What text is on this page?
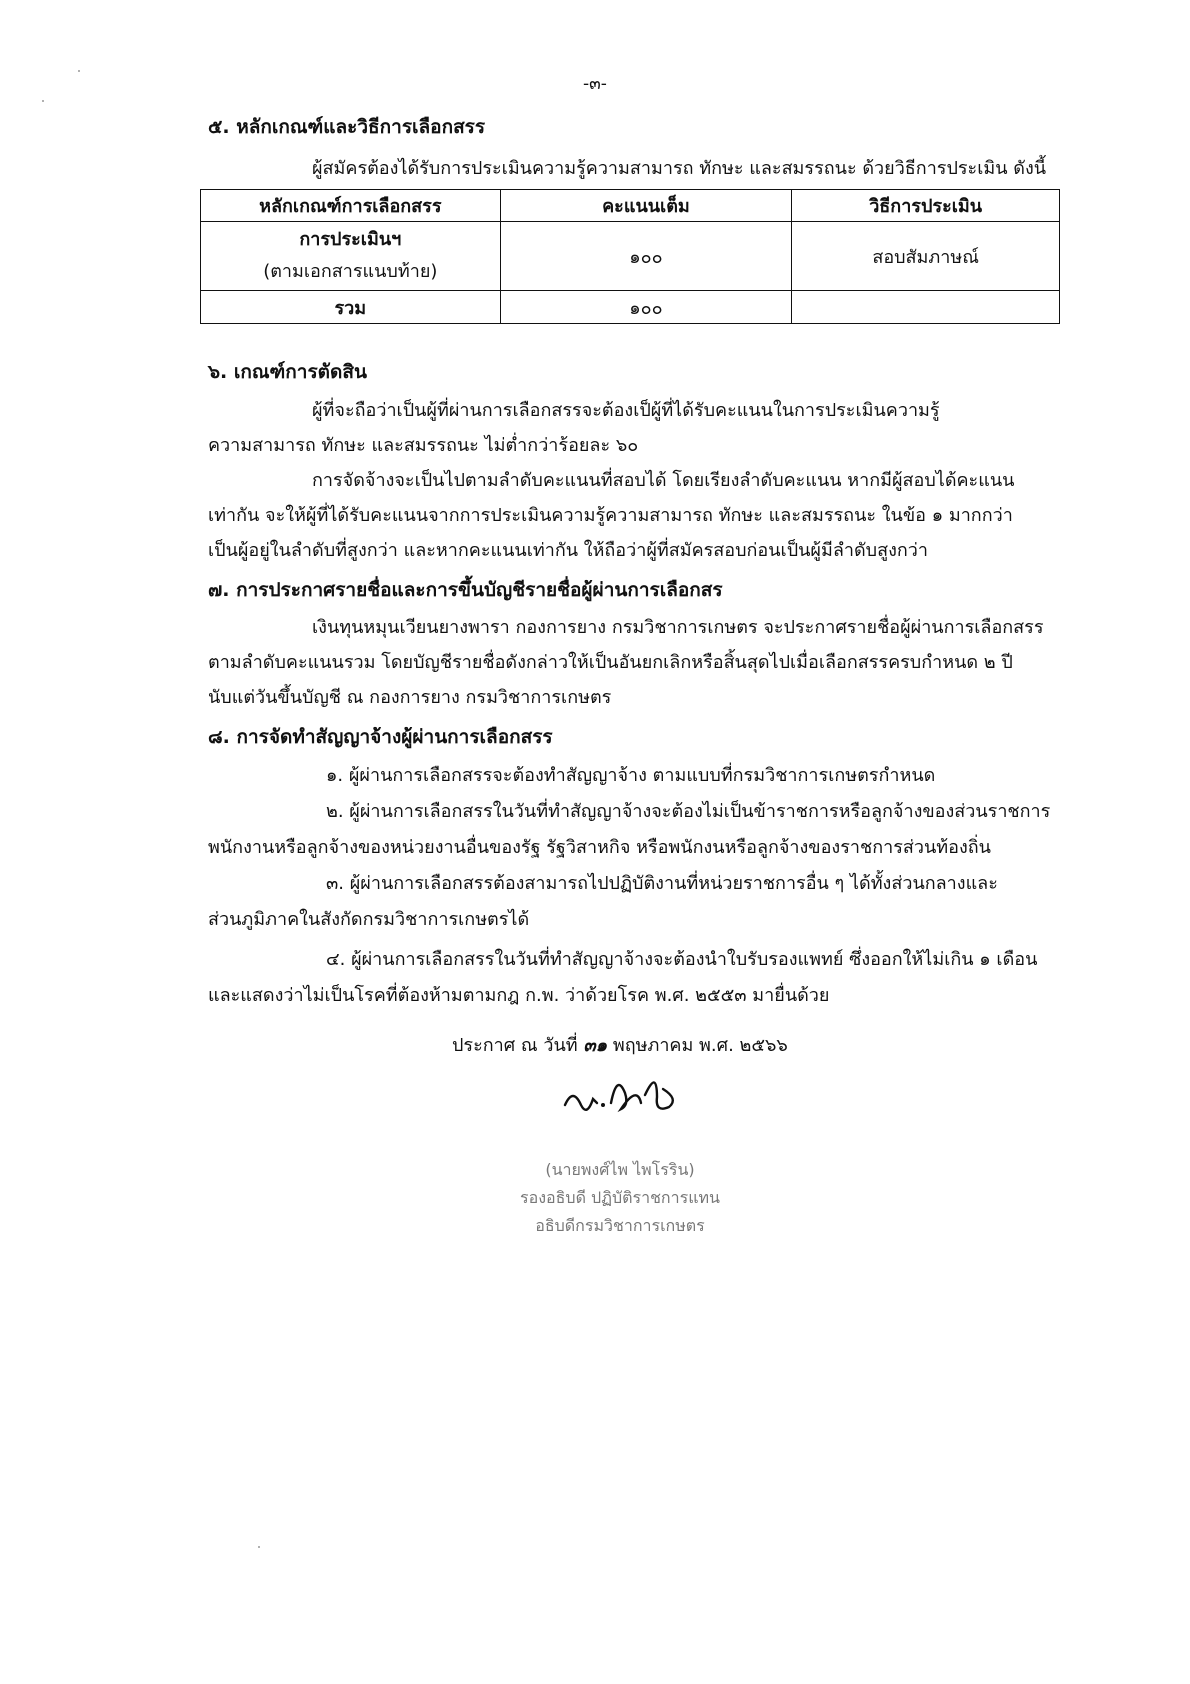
-๓-
๕. หลักเกณฑ์และวิธีการเลือกสรร
ผู้สมัครต้องได้รับการประเมินความรู้ความสามารถ ทักษะ และสมรรถนะ ด้วยวิธีการประเมิน ดังนี้
หลักเกณฑ์การเลือกสรร	คะแนนเต็ม	วิธีการประเมิน

การประเมินฯ
(ตามเอกสารแนบท้าย)	๑๐๐	สอบสัมภาษณ์
รวม	๑๐๐	
๖. เกณฑ์การตัดสิน
ผู้ที่จะถือว่าเป็นผู้ที่ผ่านการเลือกสรรจะต้องเป็ผู้ที่ได้รับคะแนนในการประเมินความรู้
ความสามารถ ทักษะ และสมรรถนะ ไม่ต่ำกว่าร้อยละ ๖๐
การจัดจ้างจะเป็นไปตามลำดับคะแนนที่สอบได้ โดยเรียงลำดับคะแนน หากมีผู้สอบได้คะแนน
เท่ากัน จะให้ผู้ที่ได้รับคะแนนจากการประเมินความรู้ความสามารถ ทักษะ และสมรรถนะ ในข้อ ๑ มากกว่า
เป็นผู้อยู่ในลำดับที่สูงกว่า และหากคะแนนเท่ากัน ให้ถือว่าผู้ที่สมัครสอบก่อนเป็นผู้มีลำดับสูงกว่า
๗. การประกาศรายชื่อและการขึ้นบัญชีรายชื่อผู้ผ่านการเลือกสร
เงินทุนหมุนเวียนยางพารา กองการยาง กรมวิชาการเกษตร จะประกาศรายชื่อผู้ผ่านการเลือกสรร
ตามลำดับคะแนนรวม โดยบัญชีรายชื่อดังกล่าวให้เป็นอันยกเลิกหรือสิ้นสุดไปเมื่อเลือกสรรครบกำหนด ๒ ปี
นับแต่วันขึ้นบัญชี ณ กองการยาง กรมวิชาการเกษตร
๘. การจัดทำสัญญาจ้างผู้ผ่านการเลือกสรร
๑. ผู้ผ่านการเลือกสรรจะต้องทำสัญญาจ้าง ตามแบบที่กรมวิชาการเกษตรกำหนด
๒. ผู้ผ่านการเลือกสรรในวันที่ทำสัญญาจ้างจะต้องไม่เป็นข้าราชการหรือลูกจ้างของส่วนราชการ
พนักงานหรือลูกจ้างของหน่วยงานอื่นของรัฐ รัฐวิสาหกิจ หรือพนักงนหรือลูกจ้างของราชการส่วนท้องถิ่น
๓. ผู้ผ่านการเลือกสรรต้องสามารถไปปฏิบัติงานที่หน่วยราชการอื่น ๆ ได้ทั้งส่วนกลางและ
ส่วนภูมิภาคในสังกัดกรมวิชาการเกษตรได้
๔. ผู้ผ่านการเลือกสรรในวันที่ทำสัญญาจ้างจะต้องนำใบรับรองแพทย์ ซึ่งออกให้ไม่เกิน ๑ เดือน
และแสดงว่าไม่เป็นโรคที่ต้องห้ามตามกฎ ก.พ. ว่าด้วยโรค พ.ศ. ๒๕๕๓ มายื่นด้วย
ประกาศ ณ วันที่ ๓๑ พฤษภาคม พ.ศ. ๒๕๖๖
(นายพงศ์ไพ ไพโรริน)
รองอธิบดี ปฏิบัติราชการแทน
อธิบดีกรมวิชาการเกษตร
